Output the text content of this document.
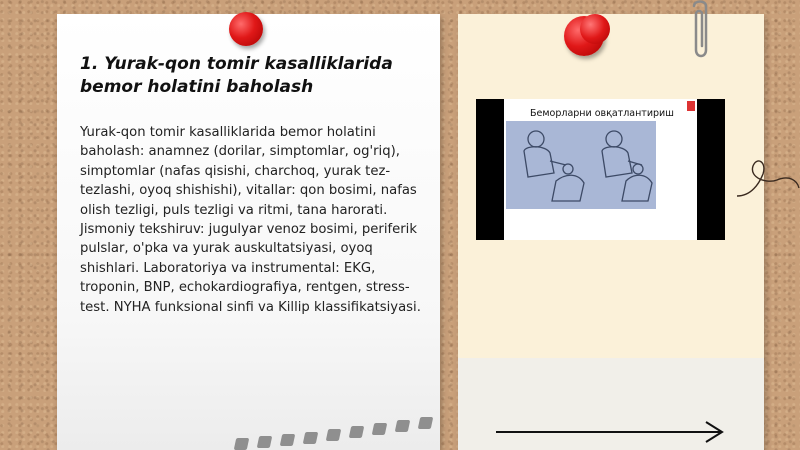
1. Yurak-qon tomir kasalliklarida bemor holatini baholash
Yurak-qon tomir kasalliklarida bemor holatini baholash: anamnez (dorilar, simptomlar, og'riq), simptomlar (nafas qisishi, charchoq, yurak tez-tezlashi, oyoq shishishi), vitallar: qon bosimi, nafas olish tezligi, puls tezligi va ritmi, tana harorati. Jismoniy tekshiruv: jugulyar venoz bosimi, periferik pulslar, o'pka va yurak auskultatsiyasi, oyoq shishlari. Laboratoriya va instrumental: EKG, troponin, BNP, echokardiografiya, rentgen, stress-test. NYHA funksional sinfi va Killip klassifikatsiyasi.
Беморларни овқатлантириш
